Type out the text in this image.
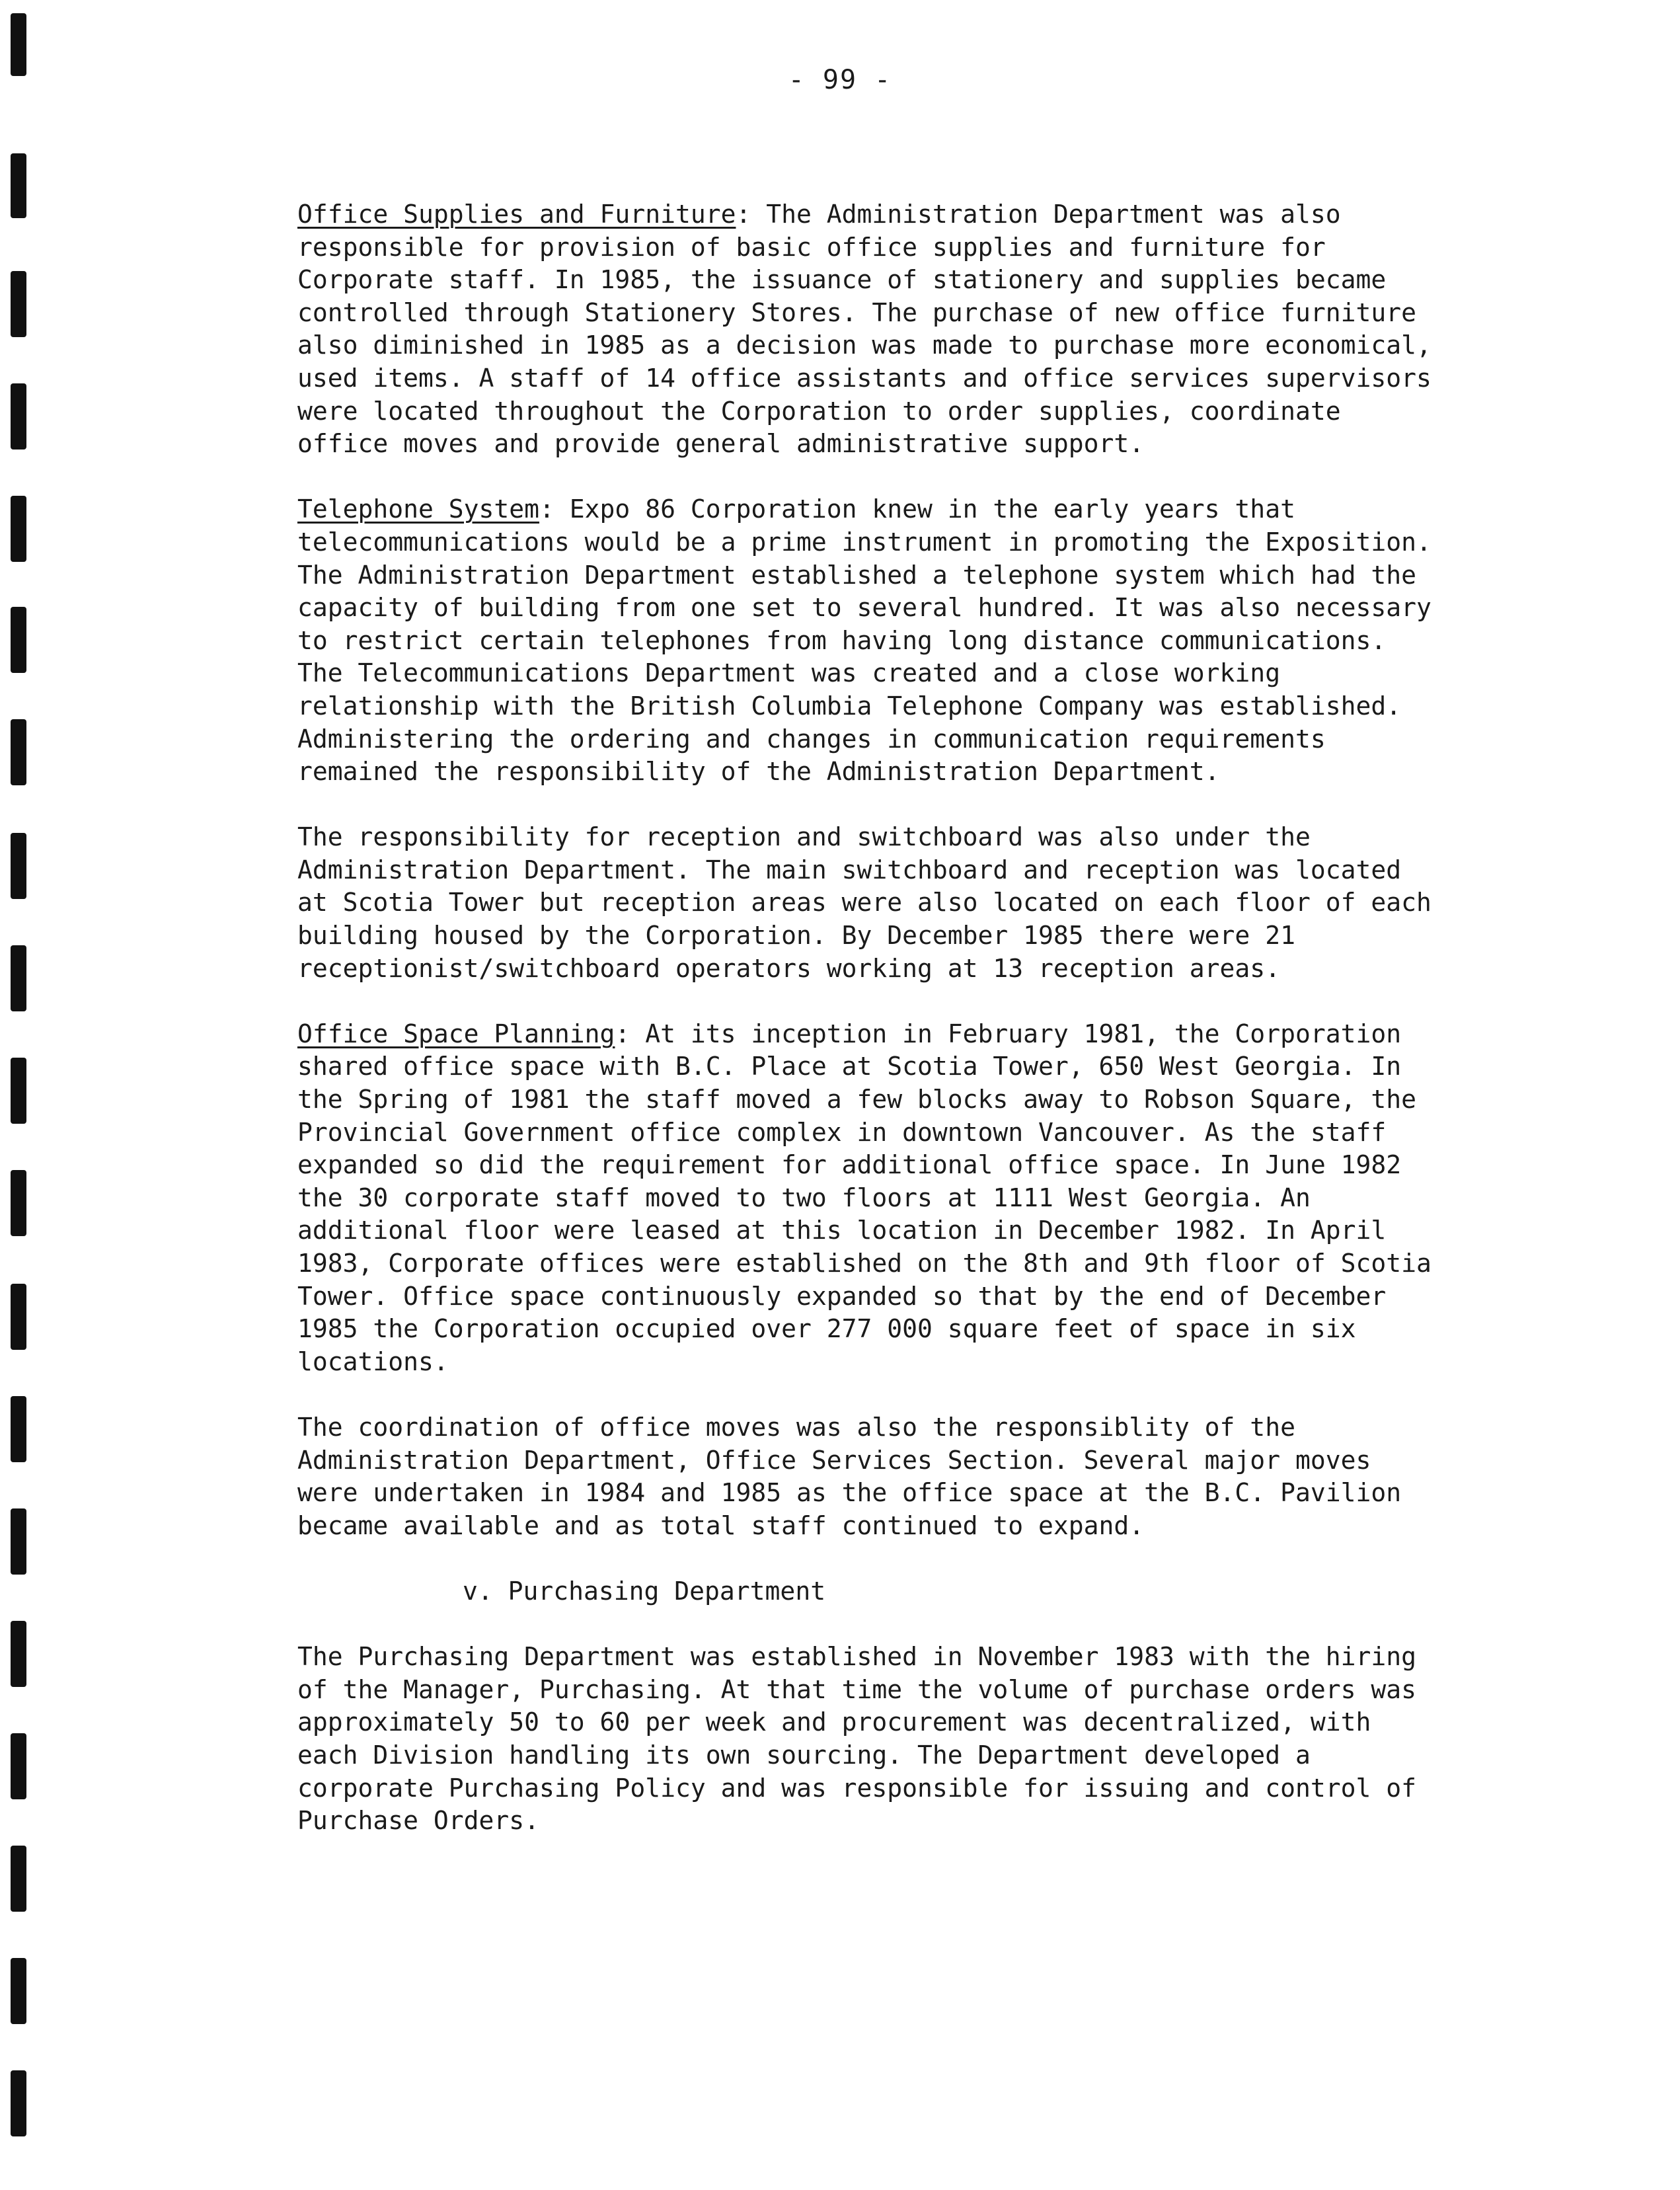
- 99 -

Office Supplies and Furniture: The Administration Department was also
responsible for provision of basic office supplies and furniture for
Corporate staff. In 1985, the issuance of stationery and supplies became
controlled through Stationery Stores. The purchase of new office furniture
also diminished in 1985 as a decision was made to purchase more economical,
used items. A staff of 14 office assistants and office services supervisors
were located throughout the Corporation to order supplies, coordinate
office moves and provide general administrative support.

Telephone System: Expo 86 Corporation knew in the early years that
telecommunications would be a prime instrument in promoting the Exposition.
The Administration Department established a telephone system which had the
capacity of building from one set to several hundred. It was also necessary
to restrict certain telephones from having long distance communications.
The Telecommunications Department was created and a close working
relationship with the British Columbia Telephone Company was established.
Administering the ordering and changes in communication requirements
remained the responsibility of the Administration Department.

The responsibility for reception and switchboard was also under the
Administration Department. The main switchboard and reception was located
at Scotia Tower but reception areas were also located on each floor of each
building housed by the Corporation. By December 1985 there were 21
receptionist/switchboard operators working at 13 reception areas.

Office Space Planning: At its inception in February 1981, the Corporation
shared office space with B.C. Place at Scotia Tower, 650 West Georgia. In
the Spring of 1981 the staff moved a few blocks away to Robson Square, the
Provincial Government office complex in downtown Vancouver. As the staff
expanded so did the requirement for additional office space. In June 1982
the 30 corporate staff moved to two floors at 1111 West Georgia. An
additional floor were leased at this location in December 1982. In April
1983, Corporate offices were established on the 8th and 9th floor of Scotia
Tower. Office space continuously expanded so that by the end of December
1985 the Corporation occupied over 277 000 square feet of space in six
locations.

The coordination of office moves was also the responsiblity of the
Administration Department, Office Services Section. Several major moves
were undertaken in 1984 and 1985 as the office space at the B.C. Pavilion
became available and as total staff continued to expand.

v. Purchasing Department

The Purchasing Department was established in November 1983 with the hiring
of the Manager, Purchasing. At that time the volume of purchase orders was
approximately 50 to 60 per week and procurement was decentralized, with
each Division handling its own sourcing. The Department developed a
corporate Purchasing Policy and was responsible for issuing and control of
Purchase Orders.
